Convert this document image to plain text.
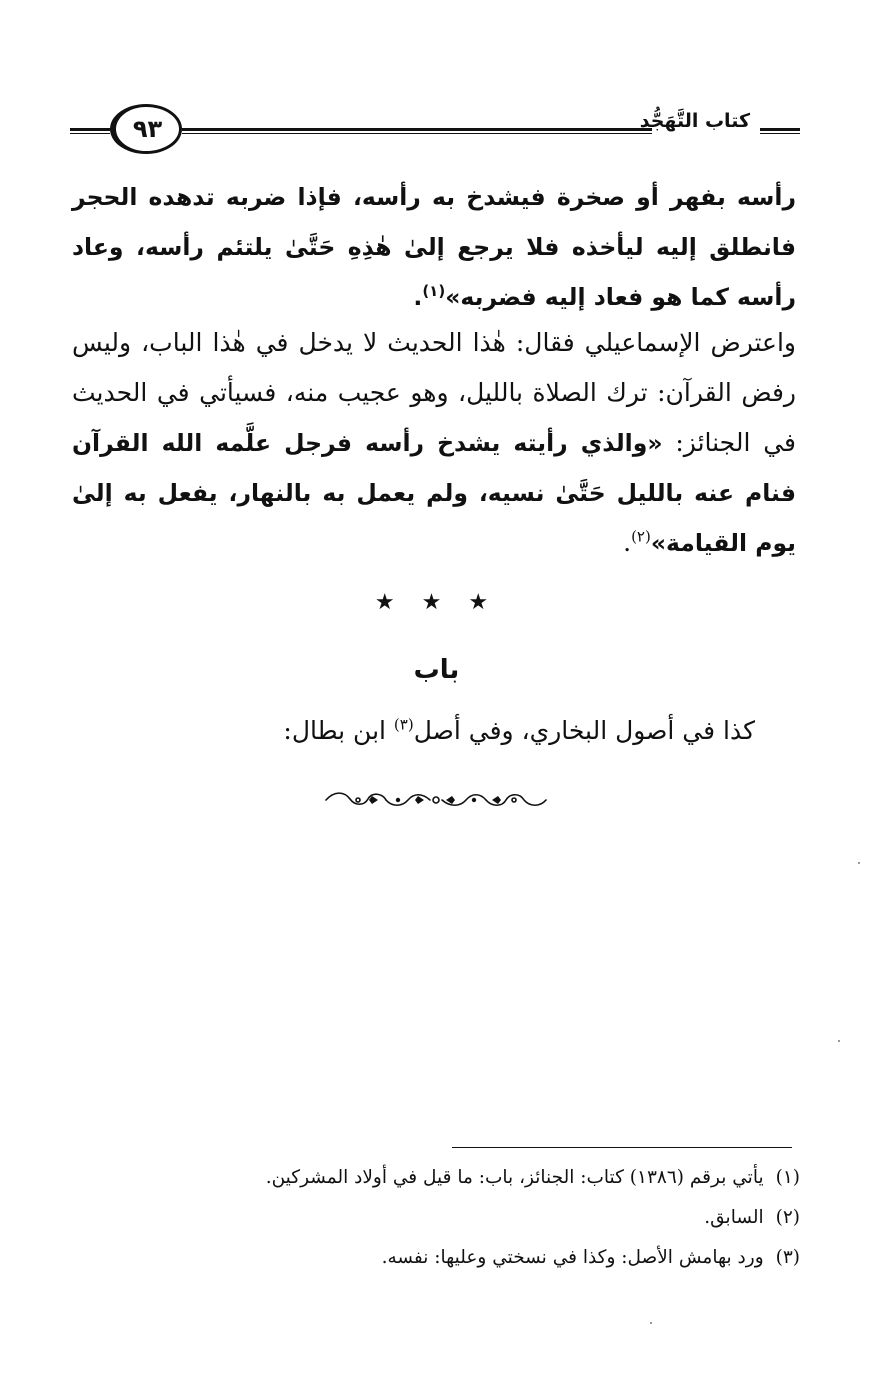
٩٣	كتاب التَّهَجُّدِ
رأسه بفهر أو صخرة فيشدخ به رأسه، فإذا ضربه تدهده الحجر فانطلق إليه ليأخذه فلا يرجع إلىٰ هٰذِهِ حَتَّىٰ يلتئم رأسه، وعاد رأسه كما هو فعاد إليه فضربه»$^{(١)}$.
واعترض الإسماعيلي فقال: هٰذا الحديث لا يدخل في هٰذا الباب، وليس رفض القرآن: ترك الصلاة بالليل، وهو عجيب منه، فسيأتي في الحديث في الجنائز: «والذي رأيته يشدخ رأسه فرجل علَّمه الله القرآن فنام عنه بالليل حَتَّىٰ نسيه، ولم يعمل به بالنهار، يفعل به إلىٰ يوم القيامة»$^{(٢)}$.
★ ★ ★
باب
كذا في أصول البخاري، وفي أصل$^{(٣)}$ ابن بطال:
(١)يأتي برقم (١٣٨٦) كتاب: الجنائز، باب: ما قيل في أولاد المشركين.
(٢)السابق.
(٣)ورد بهامش الأصل: وكذا في نسختي وعليها: نفسه.
